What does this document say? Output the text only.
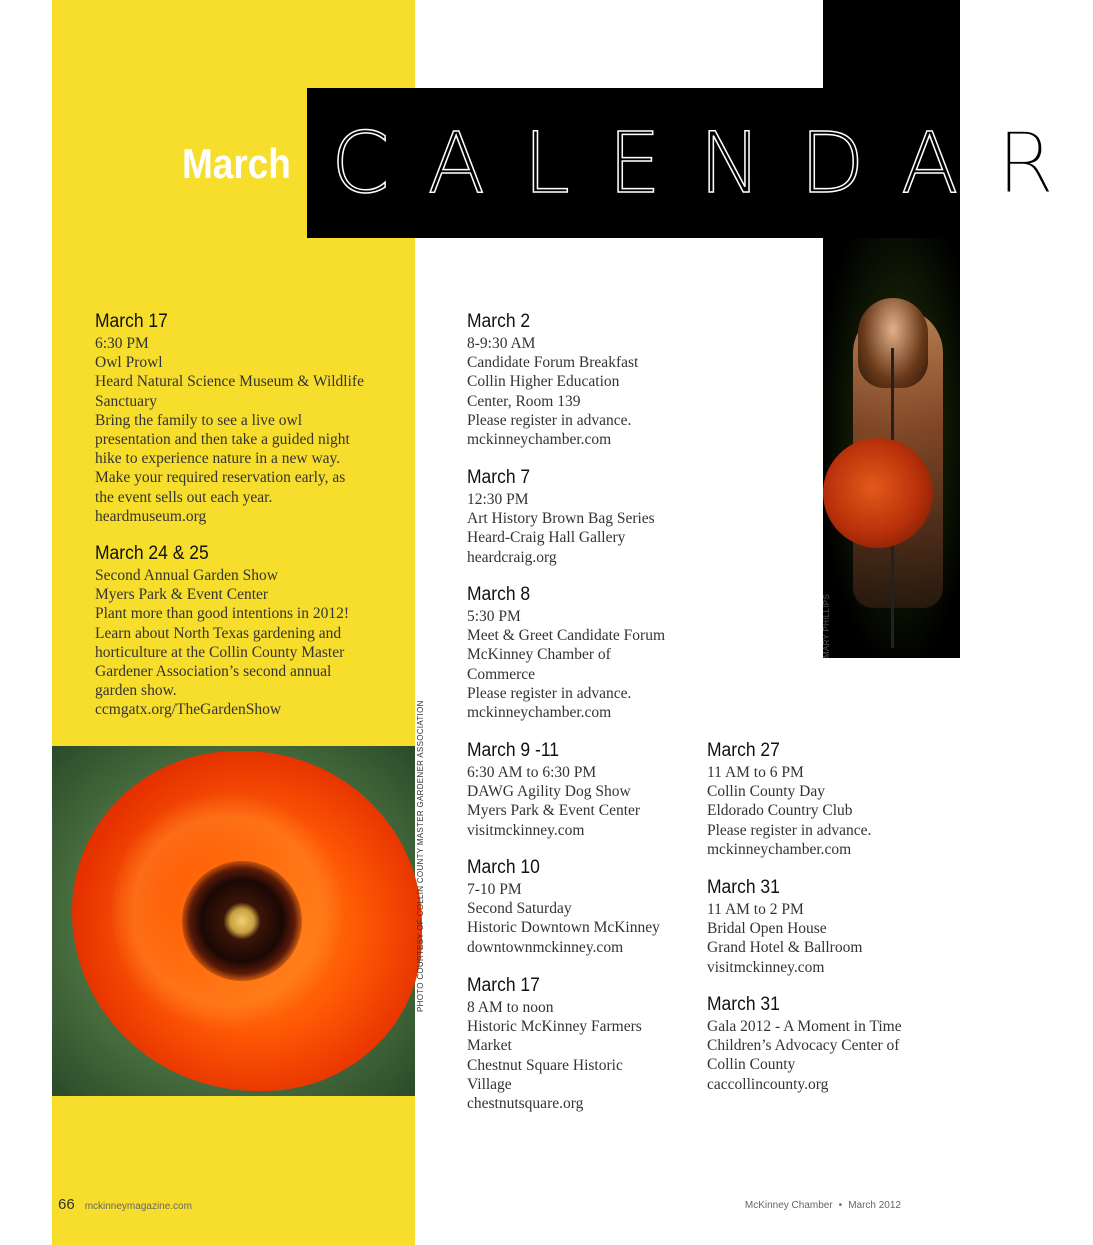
CALENDAR
March
March 17
6:30 PM
Owl Prowl
Heard Natural Science Museum & Wildlife
Sanctuary
Bring the family to see a live owl
presentation and then take a guided night
hike to experience nature in a new way.
Make your required reservation early, as
the event sells out each year.
heardmuseum.org
March 24 & 25
Second Annual Garden Show
Myers Park & Event Center
Plant more than good intentions in 2012!
Learn about North Texas gardening and
horticulture at the Collin County Master
Gardener Association’s second annual
garden show.
ccmgatx.org/TheGardenShow
March 2
8-9:30 AM
Candidate Forum Breakfast
Collin Higher Education
Center, Room 139
Please register in advance.
mckinneychamber.com
March 7
12:30 PM
Art History Brown Bag Series
Heard-Craig Hall Gallery
heardcraig.org
March 8
5:30 PM
Meet & Greet Candidate Forum
McKinney Chamber of
Commerce
Please register in advance.
mckinneychamber.com
March 9 -11
6:30 AM to 6:30 PM
DAWG Agility Dog Show
Myers Park & Event Center
visitmckinney.com
March 10
7-10 PM
Second Saturday
Historic Downtown McKinney
downtownmckinney.com
March 17
8 AM to noon
Historic McKinney Farmers
Market
Chestnut Square Historic
Village
chestnutsquare.org
March 27
11 AM to 6 PM
Collin County Day
Eldorado Country Club
Please register in advance.
mckinneychamber.com
March 31
11 AM to 2 PM
Bridal Open House
Grand Hotel & Ballroom
visitmckinney.com
March 31
Gala 2012 - A Moment in Time
Children’s Advocacy Center of
Collin County
caccollincounty.org
MARY PHILLIPS
PHOTO COURTESY OF COLLIN COUNTY MASTER GARDENER ASSOCIATION
66 mckinneymagazine.com	McKinney Chamber • March 2012
